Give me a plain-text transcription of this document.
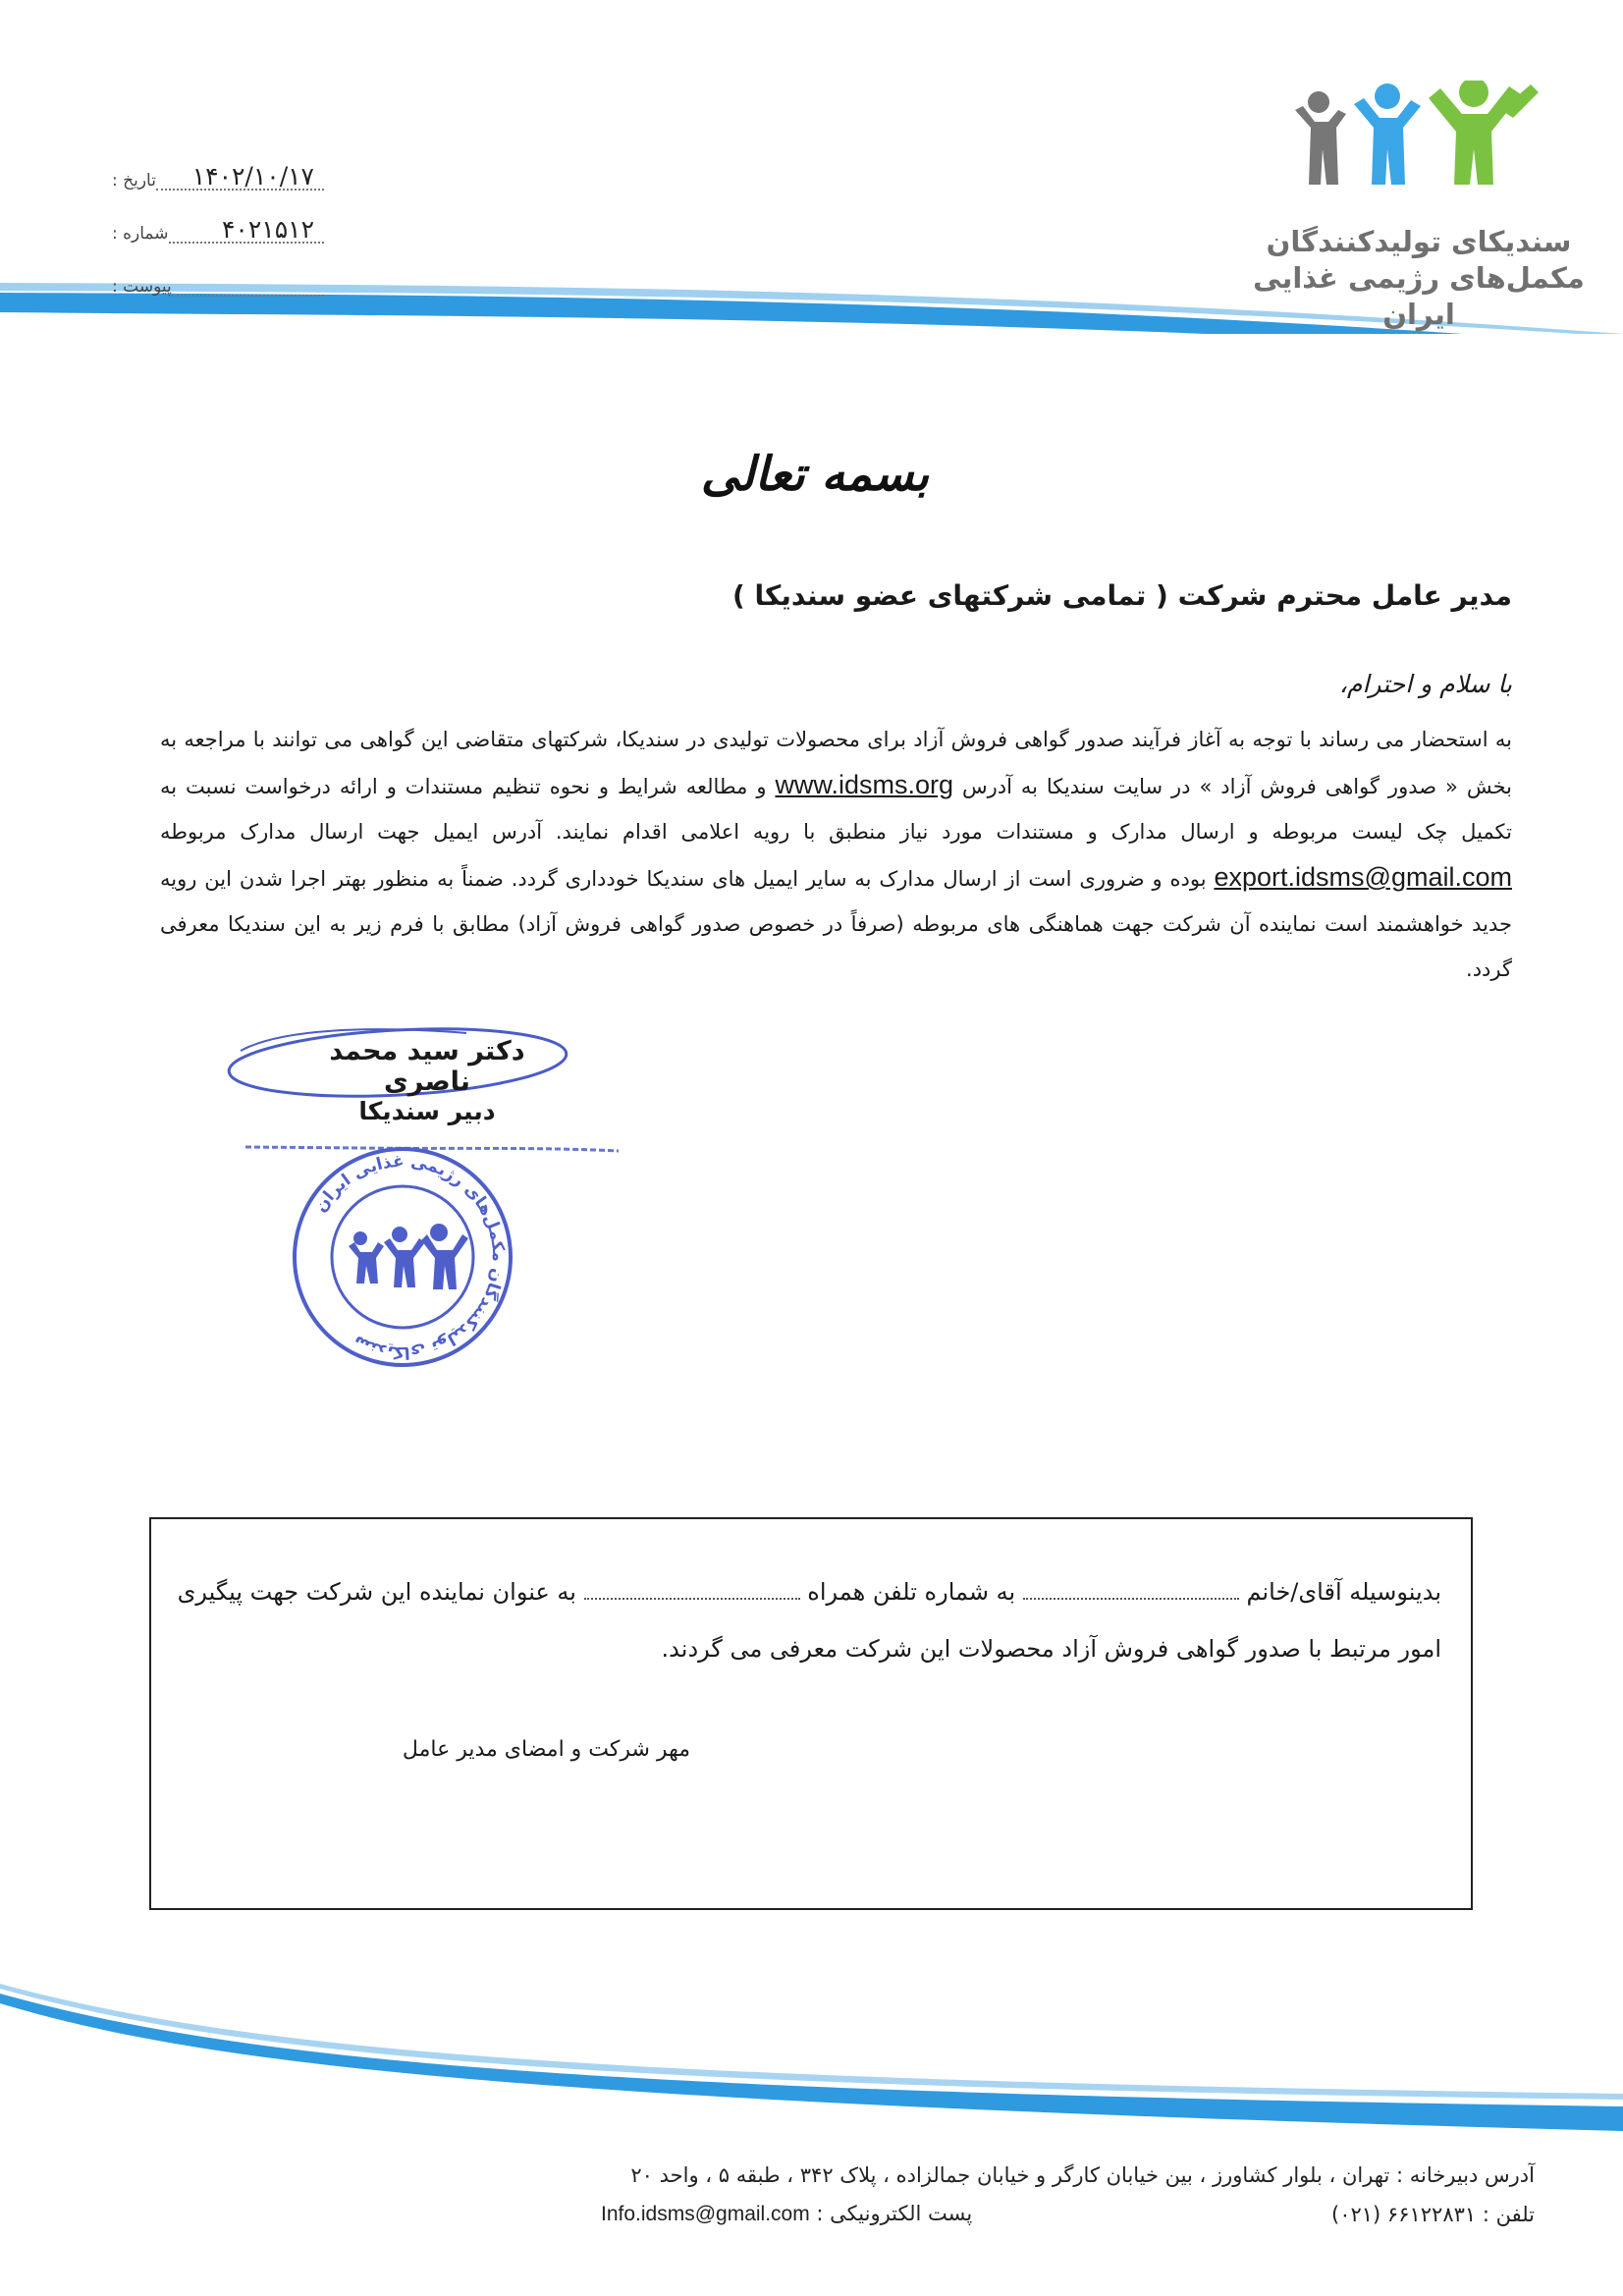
تاریخ : ۱۴۰۲/۱۰/۱۷
شماره : ۴۰۲۱۵۱۲
پیوست :
سندیکای تولیدکنندگان
مکمل‌های رژیمی غذایی
ایران
بسمه تعالی
مدیر عامل محترم شرکت ( تمامی شرکتهای عضو سندیکا )
با سلام و احترام،
به استحضار می رساند با توجه به آغاز فرآیند صدور گواهی فروش آزاد برای محصولات تولیدی در سندیکا، شرکتهای متقاضی این گواهی می توانند با مراجعه به بخش « صدور گواهی فروش آزاد » در سایت سندیکا به آدرس www.idsms.org و مطالعه شرایط و نحوه تنظیم مستندات و ارائه درخواست نسبت به تکمیل چک لیست مربوطه و ارسال مدارک و مستندات مورد نیاز منطبق با رویه اعلامی اقدام نمایند. آدرس ایمیل جهت ارسال مدارک مربوطه export.idsms@gmail.com بوده و ضروری است از ارسال مدارک به سایر ایمیل های سندیکا خودداری گردد. ضمناً به منظور بهتر اجرا شدن این رویه جدید خواهشمند است نماینده آن شرکت جهت هماهنگی های مربوطه (صرفاً در خصوص صدور گواهی فروش آزاد) مطابق با فرم زیر به این سندیکا معرفی گردد.
دکتر سید محمد ناصری
دبیر سندیکا
سندیکای تولیدکنندگان مکمل‌های رژیمی غذایی ایران
بدینوسیله آقای/خانم  به شماره تلفن همراه  به عنوان نماینده این شرکت جهت پیگیری
امور مرتبط با صدور گواهی فروش آزاد محصولات این شرکت معرفی می گردند.
مهر شرکت و امضای مدیر عامل
آدرس دبیرخانه : تهران ، بلوار کشاورز ، بین خیابان کارگر و خیابان جمالزاده ، پلاک ۳۴۲ ، طبقه ۵ ، واحد ۲۰
تلفن : ۶۶۱۲۲۸۳۱ (۰۲۱)
پست الکترونیکی : Info.idsms@gmail.com
